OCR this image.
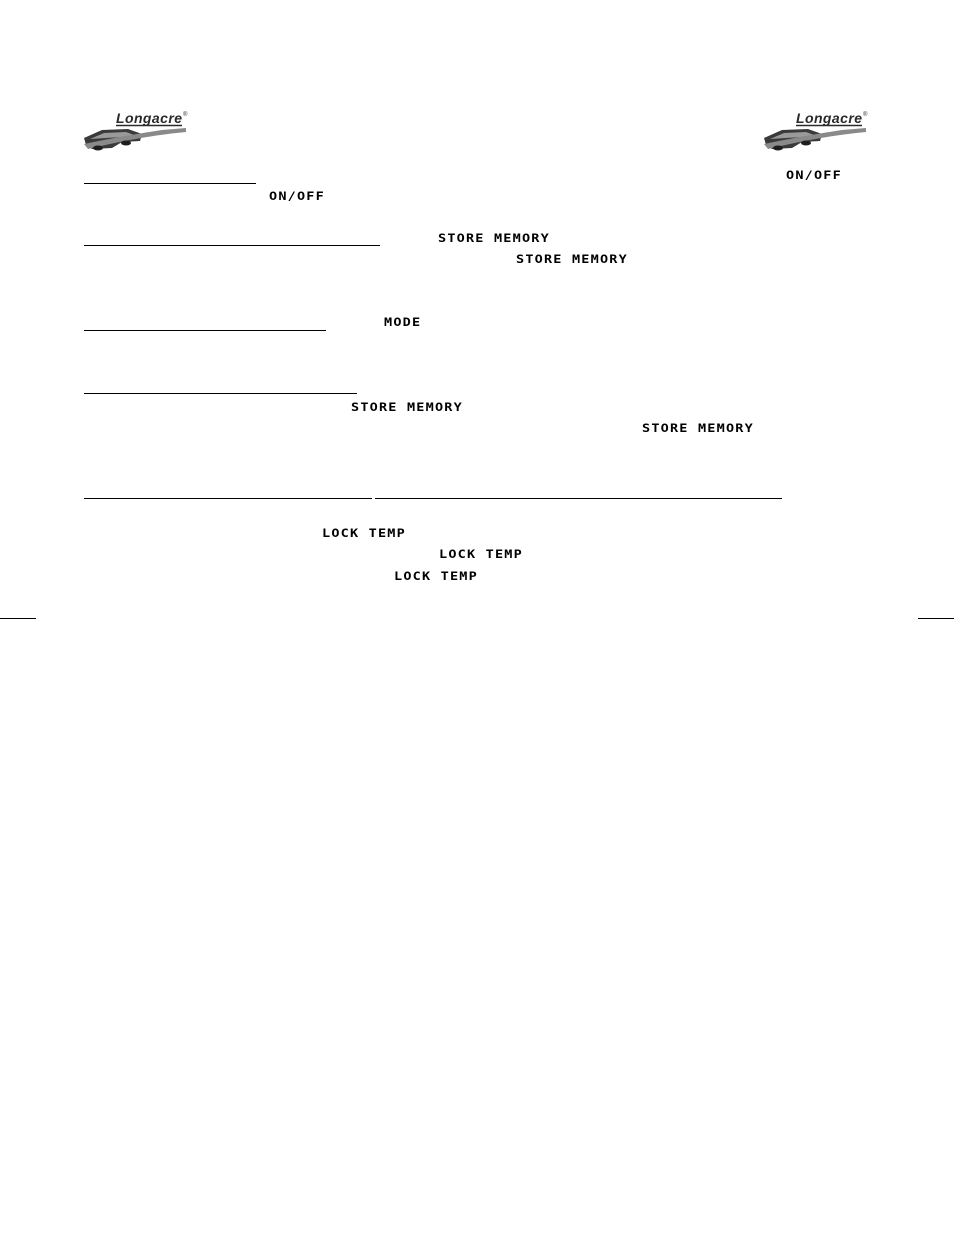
Longacre ®	Longacre ®
ON/OFF
ON/OFF
STORE MEMORY
STORE MEMORY
MODE
STORE MEMORY
STORE MEMORY
LOCK TEMP
LOCK TEMP
LOCK TEMP
